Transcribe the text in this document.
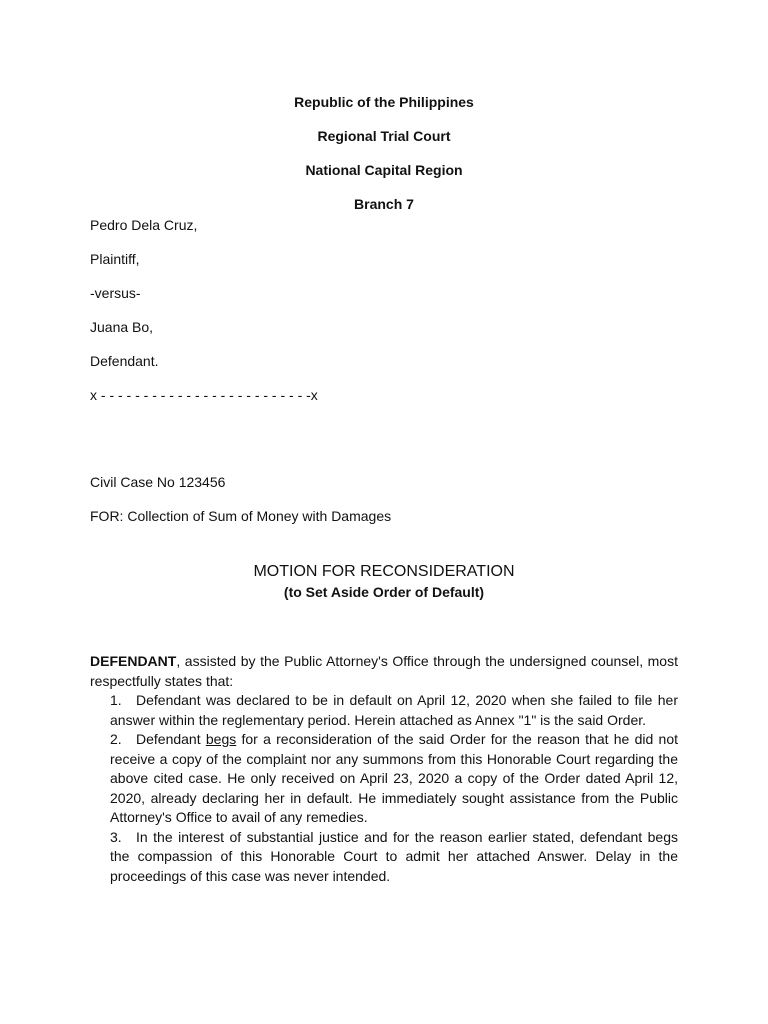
Republic of the Philippines
Regional Trial Court
National Capital Region
Branch 7
Pedro Dela Cruz,
Plaintiff,
-versus-
Juana Bo,
Defendant.
x - - - - - - - - - - - - - - - - - - - - - - - - -x
Civil Case No 123456
FOR: Collection of Sum of Money with Damages
MOTION FOR RECONSIDERATION
(to Set Aside Order of Default)

DEFENDANT, assisted by the Public Attorney's Office through the undersigned counsel, most respectfully states that:

1.	Defendant was declared to be in default on April 12, 2020 when she failed to file her answer within the reglementary period. Herein attached as Annex "1" is the said Order.
2.	Defendant begs for a reconsideration of the said Order for the reason that he did not receive a copy of the complaint nor any summons from this Honorable Court regarding the above cited case. He only received on April 23, 2020 a copy of the Order dated April 12, 2020, already declaring her in default. He immediately sought assistance from the Public Attorney's Office to avail of any remedies.
3.	In the interest of substantial justice and for the reason earlier stated, defendant begs the compassion of this Honorable Court to admit her attached Answer. Delay in the proceedings of this case was never intended.
